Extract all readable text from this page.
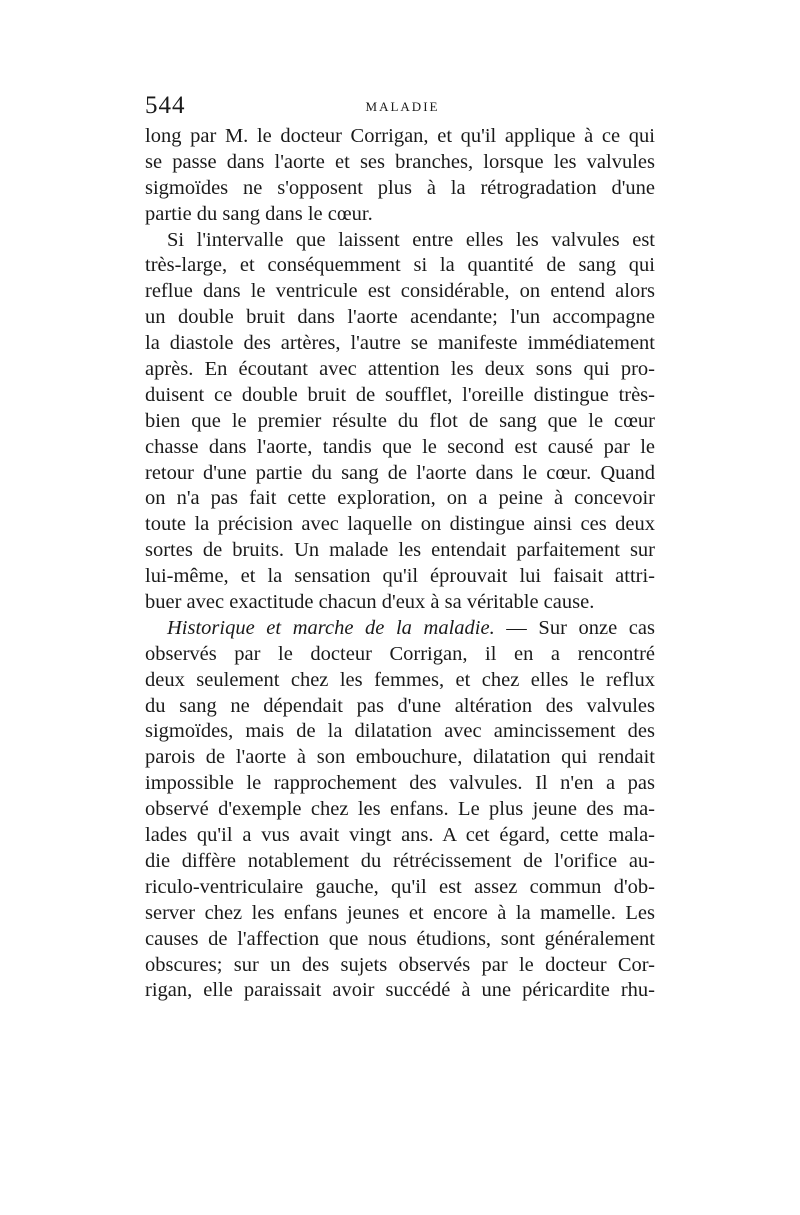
544	MALADIE
long par M. le docteur Corrigan, et qu'il applique à ce qui
se passe dans l'aorte et ses branches, lorsque les valvules
sigmoïdes ne s'opposent plus à la rétrogradation d'une
partie du sang dans le cœur.
Si l'intervalle que laissent entre elles les valvules est
très-large, et conséquemment si la quantité de sang qui
reflue dans le ventricule est considérable, on entend alors
un double bruit dans l'aorte acendante; l'un accompagne
la diastole des artères, l'autre se manifeste immédiatement
après. En écoutant avec attention les deux sons qui pro-
duisent ce double bruit de soufflet, l'oreille distingue très-
bien que le premier résulte du flot de sang que le cœur
chasse dans l'aorte, tandis que le second est causé par le
retour d'une partie du sang de l'aorte dans le cœur. Quand
on n'a pas fait cette exploration, on a peine à concevoir
toute la précision avec laquelle on distingue ainsi ces deux
sortes de bruits. Un malade les entendait parfaitement sur
lui-même, et la sensation qu'il éprouvait lui faisait attri-
buer avec exactitude chacun d'eux à sa véritable cause.
Historique et marche de la maladie. — Sur onze cas
observés par le docteur Corrigan, il en a rencontré
deux seulement chez les femmes, et chez elles le reflux
du sang ne dépendait pas d'une altération des valvules
sigmoïdes, mais de la dilatation avec amincissement des
parois de l'aorte à son embouchure, dilatation qui rendait
impossible le rapprochement des valvules. Il n'en a pas
observé d'exemple chez les enfans. Le plus jeune des ma-
lades qu'il a vus avait vingt ans. A cet égard, cette mala-
die diffère notablement du rétrécissement de l'orifice au-
riculo-ventriculaire gauche, qu'il est assez commun d'ob-
server chez les enfans jeunes et encore à la mamelle. Les
causes de l'affection que nous étudions, sont généralement
obscures; sur un des sujets observés par le docteur Cor-
rigan, elle paraissait avoir succédé à une péricardite rhu-
